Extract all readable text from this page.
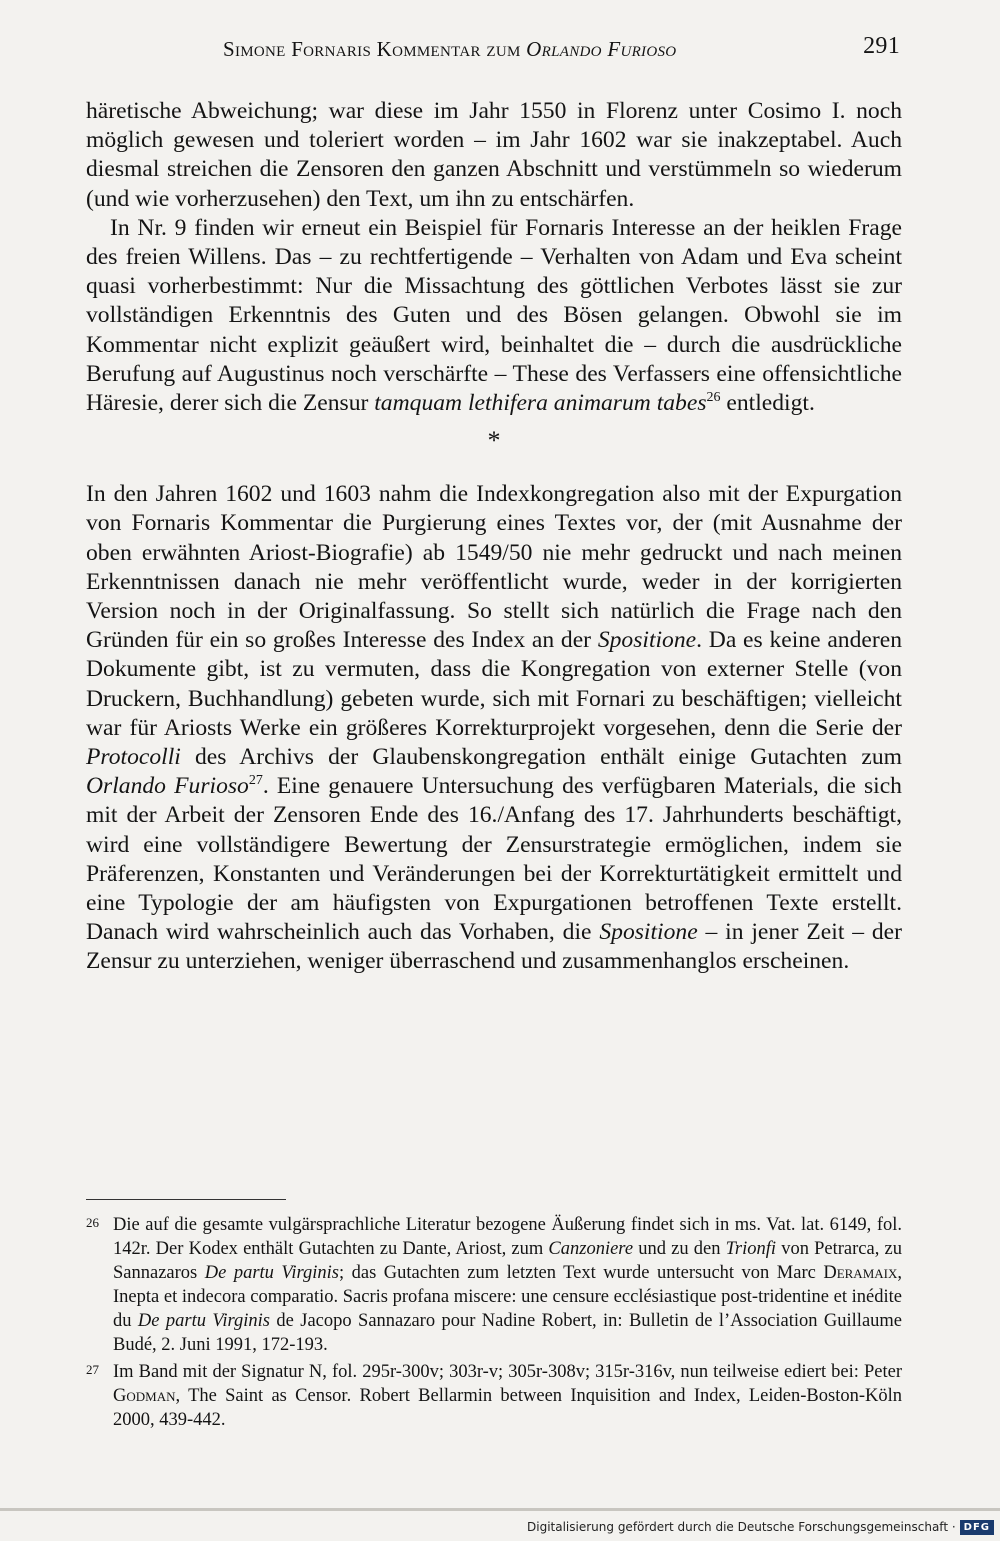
Simone Fornaris Kommentar zum Orlando Furioso	291

häretische Abweichung; war diese im Jahr 1550 in Florenz unter Cosimo I. noch möglich gewesen und toleriert worden – im Jahr 1602 war sie inakzeptabel. Auch diesmal streichen die Zensoren den ganzen Abschnitt und verstümmeln so wiederum (und wie vorherzusehen) den Text, um ihn zu entschärfen.

In Nr. 9 finden wir erneut ein Beispiel für Fornaris Interesse an der heiklen Frage des freien Willens. Das – zu rechtfertigende – Verhalten von Adam und Eva scheint quasi vorherbestimmt: Nur die Missachtung des göttlichen Verbotes lässt sie zur vollständigen Erkenntnis des Guten und des Bösen gelangen. Obwohl sie im Kommentar nicht explizit geäußert wird, beinhaltet die – durch die ausdrückliche Berufung auf Augustinus noch verschärfte – These des Verfassers eine offensichtliche Häresie, derer sich die Zensur tamquam lethifera animarum tabes$^{26}$ entledigt.

*

In den Jahren 1602 und 1603 nahm die Indexkongregation also mit der Expurgation von Fornaris Kommentar die Purgierung eines Textes vor, der (mit Ausnahme der oben erwähnten Ariost-Biografie) ab 1549/50 nie mehr gedruckt und nach meinen Erkenntnissen danach nie mehr veröffentlicht wurde, weder in der korrigierten Version noch in der Originalfassung. So stellt sich natürlich die Frage nach den Gründen für ein so großes Interesse des Index an der Spositione. Da es keine anderen Dokumente gibt, ist zu vermuten, dass die Kongregation von externer Stelle (von Druckern, Buchhandlung) gebeten wurde, sich mit Fornari zu beschäftigen; vielleicht war für Ariosts Werke ein größeres Korrekturprojekt vorgesehen, denn die Serie der Protocolli des Archivs der Glaubenskongregation enthält einige Gutachten zum Orlando Furioso$^{27}$. Eine genauere Untersuchung des verfügbaren Materials, die sich mit der Arbeit der Zensoren Ende des 16./Anfang des 17. Jahrhunderts beschäftigt, wird eine vollständigere Bewertung der Zensurstrategie ermöglichen, indem sie Präferenzen, Konstanten und Veränderungen bei der Korrekturtätigkeit ermittelt und eine Typologie der am häufigsten von Expurgationen betroffenen Texte erstellt. Danach wird wahrscheinlich auch das Vorhaben, die Spositione – in jener Zeit – der Zensur zu unterziehen, weniger überraschend und zusammenhanglos erscheinen.

26 Die auf die gesamte vulgärsprachliche Literatur bezogene Äußerung findet sich in ms. Vat. lat. 6149, fol. 142r. Der Kodex enthält Gutachten zu Dante, Ariost, zum Canzoniere und zu den Trionfi von Petrarca, zu Sannazaros De partu Virginis; das Gutachten zum letzten Text wurde untersucht von Marc Deramaix, Inepta et indecora comparatio. Sacris profana miscere: une censure ecclésiastique post-tridentine et inédite du De partu Virginis de Jacopo Sannazaro pour Nadine Robert, in: Bulletin de l’Association Guillaume Budé, 2. Juni 1991, 172-193.
27 Im Band mit der Signatur N, fol. 295r-300v; 303r-v; 305r-308v; 315r-316v, nun teilweise ediert bei: Peter Godman, The Saint as Censor. Robert Bellarmin between Inquisition and Index, Leiden-Boston-Köln 2000, 439-442.
Digitalisierung gefördert durch die Deutsche Forschungsgemeinschaft · DFG
